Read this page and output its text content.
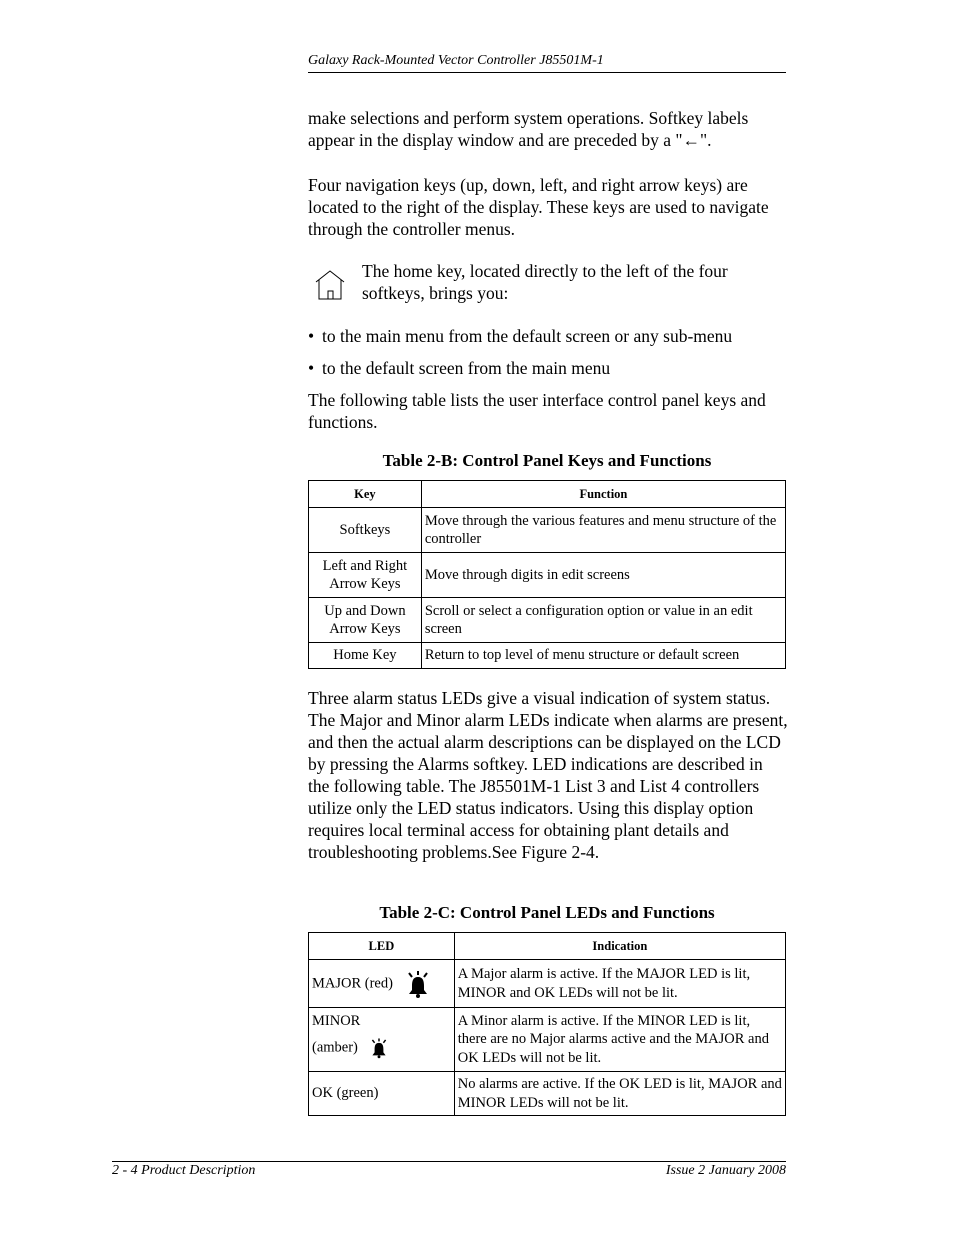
Galaxy Rack-Mounted Vector Controller J85501M-1

make selections and perform system operations. Softkey labels appear in the display window and are preceded by a "←".

Four navigation keys (up, down, left, and right arrow keys) are located to the right of the display. These keys are used to navigate through the controller menus.

The home key, located directly to the left of the four softkeys, brings you:

• to the main menu from the default screen or any sub-menu
• to the default screen from the main menu

The following table lists the user interface control panel keys and functions.

Table 2-B: Control Panel Keys and Functions
Key	Function
Softkeys	Move through the various features and menu structure of the controller
Left and Right Arrow Keys	Move through digits in edit screens
Up and Down Arrow Keys	Scroll or select a configuration option or value in an edit screen
Home Key	Return to top level of menu structure or default screen

Three alarm status LEDs give a visual indication of system status. The Major and Minor alarm LEDs indicate when alarms are present, and then the actual alarm descriptions can be displayed on the LCD by pressing the Alarms softkey. LED indications are described in the following table. The J85501M-1 List 3 and List 4 controllers utilize only the LED status indicators. Using this display option requires local terminal access for obtaining plant details and troubleshooting problems.See Figure 2-4.

Table 2-C: Control Panel LEDs and Functions
LED	Indication
MAJOR (red)	A Major alarm is active. If the MAJOR LED is lit, MINOR and OK LEDs will not be lit.

MINOR
(amber)	A Minor alarm is active. If the MINOR LED is lit, there are no Major alarms active and the MAJOR and OK LEDs will not be lit.
OK (green)	No alarms are active. If the OK LED is lit, MAJOR and MINOR LEDs will not be lit.
2 - 4 Product Description	Issue 2 January 2008
